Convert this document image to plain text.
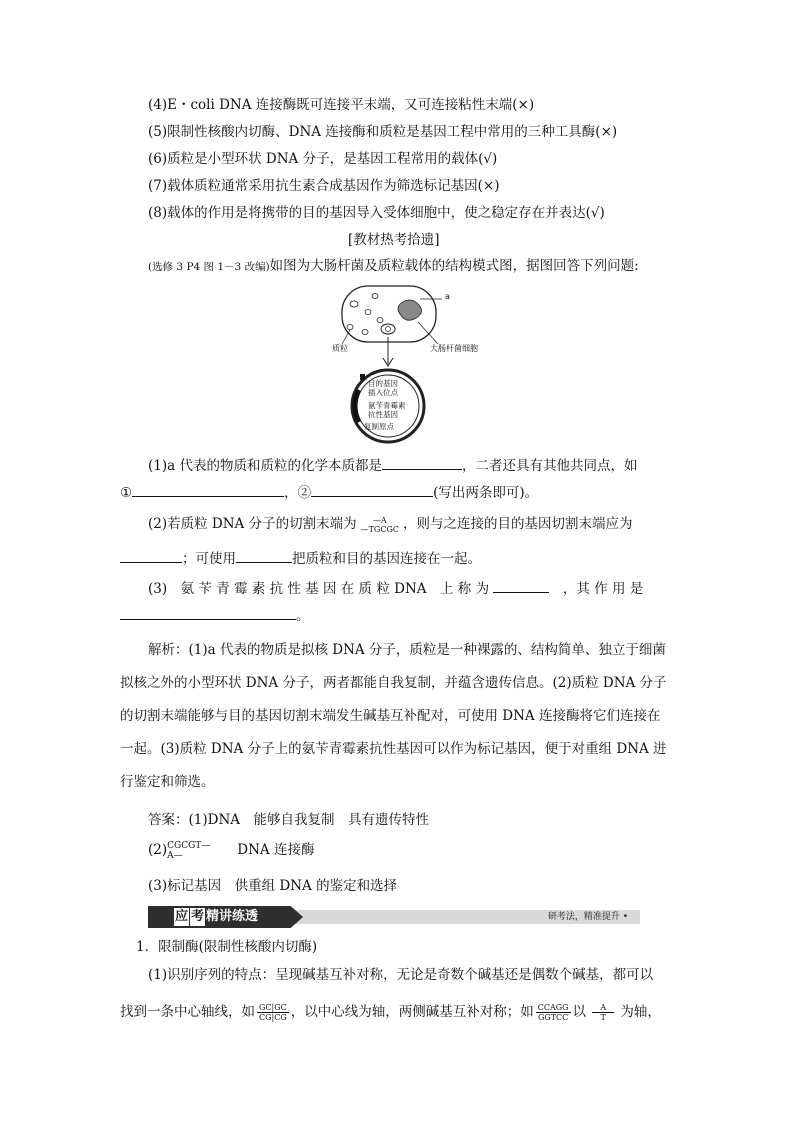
(4)E・coli DNA 连接酶既可连接平末端，又可连接粘性末端(×)
(5)限制性核酸内切酶、DNA 连接酶和质粒是基因工程中常用的三种工具酶(×)
(6)质粒是小型环状 DNA 分子，是基因工程常用的载体(√)
(7)载体质粒通常采用抗生素合成基因作为筛选标记基因(×)
(8)载体的作用是将携带的目的基因导入受体细胞中，使之稳定存在并表达(√)
[教材热考拾遗]
(选修 3 P4 图 1－3 改编)如图为大肠杆菌及质粒载体的结构模式图，据图回答下列问题:
a
质粒	大肠杆菌细胞
目的基因
插入位点
氨苄青霉素
抗性基因
复制原点
(1)a 代表的物质和质粒的化学本质都是	，二者还具有其他共同点，如
①	，②	(写出两条即可)。
(2)若质粒 DNA 分子的切割末端为	—A
—TGCGC ，则与之连接的目的基因切割末端应为
；可使用	把质粒和目的基因连接在一起。
(3)　氨 苄 青 霉 素 抗 性 基 因 在 质 粒 DNA　上 称 为 　	，其 作 用 是
。
解析：(1)a 代表的物质是拟核 DNA 分子，质粒是一种裸露的、结构简单、独立于细菌
拟核之外的小型环状 DNA 分子，两者都能自我复制，并蕴含遗传信息。(2)质粒 DNA 分子
的切割末端能够与目的基因切割末端发生碱基互补配对，可使用 DNA 连接酶将它们连接在
一起。(3)质粒 DNA 分子上的氨苄青霉素抗性基因可以作为标记基因，便于对重组 DNA 进
行鉴定和筛选。
答案：(1)DNA　能够自我复制　具有遗传特性
(2) CGCGT—
A—
　　	DNA 连接酶
(3)标记基因　供重组 DNA 的鉴定和选择
应 考 精讲练透	研考法，精准提升 •
1．限制酶(限制性核酸内切酶)
(1)识别序列的特点：呈现碱基互补对称，无论是奇数个碱基还是偶数个碱基，都可以
找到一条中心轴线，如 $\frac{GC|GC}{CG|CG}$ ，以中心线为轴，两侧碱基互补对称；如 $\frac{\text{CCAGG}}{\text{GGTCC}}$ 以 $\frac{A}{T}$ 为轴，
